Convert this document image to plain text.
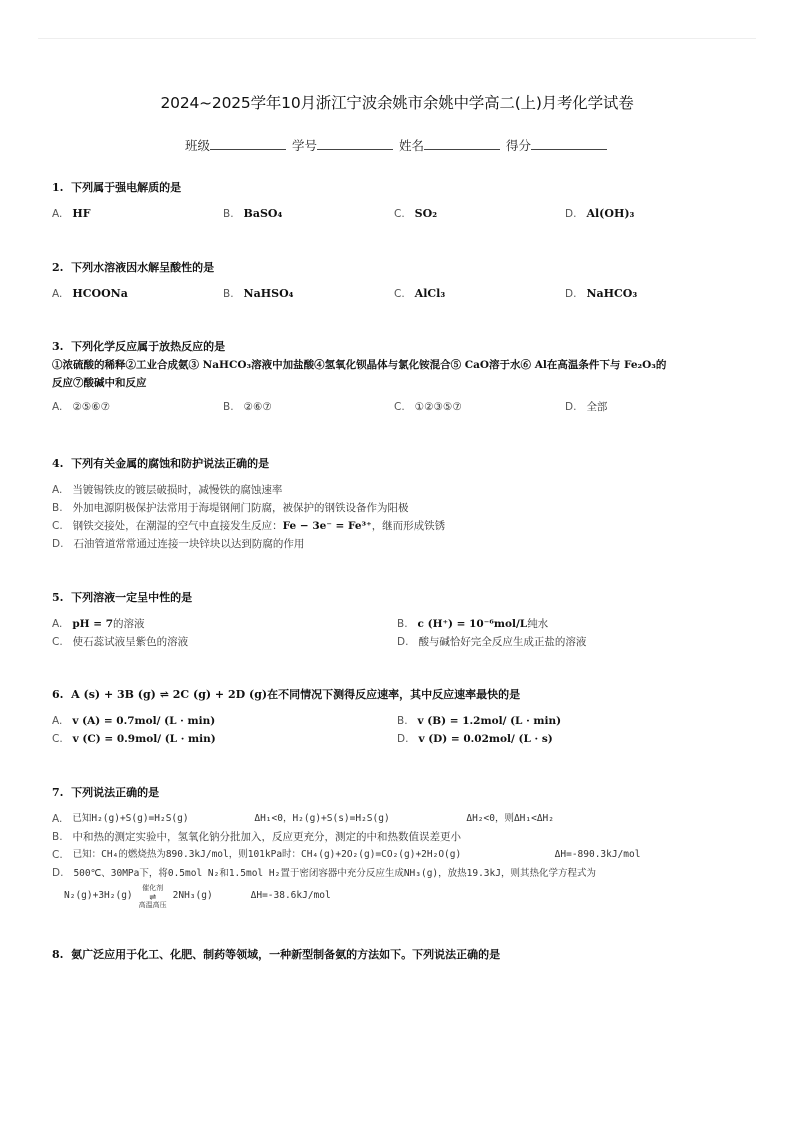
2024~2025学年10月浙江宁波余姚市余姚中学高二(上)月考化学试卷
班级	学号	姓名	得分
1. 下列属于强电解质的是
A. HF	B. BaSO₄	C. SO₂	D. Al(OH)₃
2. 下列水溶液因水解呈酸性的是
A. HCOONa	B. NaHSO₄	C. AlCl₃	D. NaHCO₃
3. 下列化学反应属于放热反应的是
①浓硫酸的稀释②工业合成氨③ NaHCO₃溶液中加盐酸④氢氧化钡晶体与氯化铵混合⑤ CaO溶于水⑥ Al在高温条件下与 Fe₂O₃的
反应⑦酸碱中和反应
A. ②⑤⑥⑦	B. ②⑥⑦	C. ①②③⑤⑦	D. 全部
4. 下列有关金属的腐蚀和防护说法正确的是
A. 当镀锡铁皮的镀层破损时，减慢铁的腐蚀速率
B. 外加电源阴极保护法常用于海堤钢闸门防腐，被保护的钢铁设备作为阳极
C. 钢铁交接处，在潮湿的空气中直接发生反应：Fe − 3e⁻ = Fe³⁺，继而形成铁锈
D. 石油管道常常通过连接一块锌块以达到防腐的作用
5. 下列溶液一定呈中性的是
A. pH = 7的溶液	B. c (H⁺) = 10⁻⁶mol/L纯水
C. 使石蕊试液呈紫色的溶液	D. 酸与碱恰好完全反应生成正盐的溶液
6. A (s) + 3B (g) ⇌ 2C (g) + 2D (g)在不同情况下测得反应速率，其中反应速率最快的是
A. v (A) = 0.7mol/ (L · min)	B. v (B) = 1.2mol/ (L · min)
C. v (C) = 0.9mol/ (L · min)	D. v (D) = 0.02mol/ (L · s)
7. 下列说法正确的是
A. 已知H₂(g)+S(g)=H₂S(g)	ΔH₁<0，H₂(g)+S(s)=H₂S(g)	ΔH₂<0，则ΔH₁<ΔH₂
B. 中和热的测定实验中，氢氧化钠分批加入，反应更充分，测定的中和热数值误差更小
C. 已知：CH₄的燃烧热为890.3kJ/mol，则101kPa时：CH₄(g)+2O₂(g)=CO₂(g)+2H₂O(g)	ΔH=-890.3kJ/mol
D. 500℃、30MPa下，将0.5mol N₂和1.5mol H₂置于密闭容器中充分反应生成NH₃(g)，放热19.3kJ，则其热化学方程式为
N₂(g)+3H₂(g)
催化剂
⇌
高温高压
2NH₃(g)	ΔH=-38.6kJ/mol
8. 氨广泛应用于化工、化肥、制药等领域，一种新型制备氨的方法如下。下列说法正确的是
